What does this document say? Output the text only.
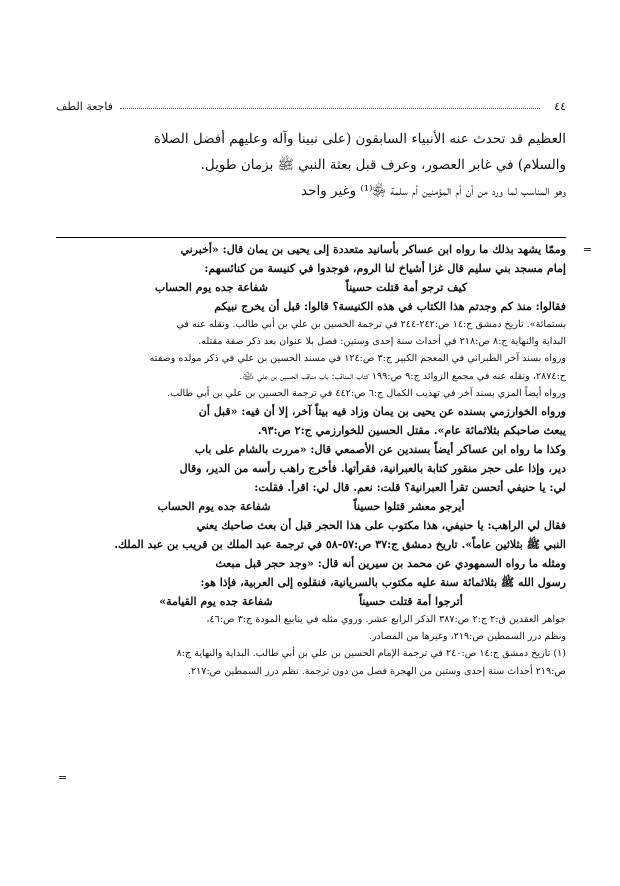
٤٤
فاجعة الطف
العظيم قد تحدث عنه الأنبياء السابقون (على نبينا وآله وعليهم أفضل الصلاة
والسلام) في غابر العصور، وعرف قبل بعثة النبي ﷺ بزمان طويل.
وهو المناسب لما ورد من أن أم المؤمنين أم سلمة ﵂⁽¹⁾ وغير واحد
=
=

وممّا يشهد بذلك ما رواه ابن عساكر بأسانيد متعددة إلى يحيى بن يمان قال: «أخبرني

إمام مسجد بني سليم قال غزا أشياخ لنا الروم، فوجدوا في كنيسة من كنائسهم:

كيف ترجو أمة قتلت حسيناً
شفاعة جده يوم الحساب

فقالوا: منذ كم وجدتم هذا الكتاب في هذه الكنيسة؟ قالوا: قبل أن يخرج نبيكم

بستمائة». تاريخ دمشق ج:١٤ ص:٢٤٢-٢٤٤ في ترجمة الحسين بن علي بن أبي طالب. ونقله عنه في

البداية والنهاية ج:٨ ص:٢١٨ في أحداث سنة إحدى وستين: فصل بلا عنوان بعد ذكر صفة مقتله.

ورواه بسند آخر الطبراني في المعجم الكبير ج:٣ ص:١٢٤ في مسند الحسين بن علي في ذكر مولده وصفته

ح:٢٨٧٤، ونقله عنه في مجمع الزوائد ج:٩ ص:١٩٩ كتاب المناقب: باب مناقب الحسين بن علي ﵉.

ورواه أيضاً المزي بسند آخر في تهذيب الكمال ج:٦ ص:٤٤٢ في ترجمة الحسين بن علي بن أبي طالب.

ورواه الخوارزمي بسنده عن يحيى بن يمان وزاد فيه بيتاً آخر، إلا أن فيه: «قبل أن

يبعث صاحبكم بثلاثمائة عام». مقتل الحسين للخوارزمي ج:٢ ص:٩٣.

وكذا ما رواه ابن عساكر أيضاً بسندين عن الأصمعي قال: «مررت بالشام على باب

دير، وإذا على حجر منقور كتابة بالعبرانية، فقرأتها. فأخرج راهب رأسه من الدير، وقال

لي: يا حنيفي أتحسن تقرأ العبرانية؟ قلت: نعم. قال لي: اقرأ. فقلت:

أيرجو معشر قتلوا حسيناً
شفاعة جده يوم الحساب

فقال لي الراهب: يا حنيفي، هذا مكتوب على هذا الحجر قبل أن بعث صاحبك يعني

النبي ﷺ بثلاثين عاماً». تاريخ دمشق ج:٣٧ ص:٥٧-٥٨ في ترجمة عبد الملك بن قريب بن عبد الملك.

ومثله ما رواه السمهودي عن محمد بن سيرين أنه قال: «وجد حجر قبل مبعث

رسول الله ﷺ بثلاثمائة سنة عليه مكتوب بالسريانية، فنقلوه إلى العربية، فإذا هو:

أترجوا أمة قتلت حسيناً
شفاعة جده يوم القيامة»

جواهر العقدين ق:٢ ج:٢ ص:٣٨٧ الذكر الرابع عشر. وروي مثله في ينابيع المودة ج:٣ ص:٤٦،

ونظم درر السمطين ص:٢١٩، وغيرها من المصادر.

(١) تاريخ دمشق ج:١٤ ص:٢٤٠ في ترجمة الإمام الحسين بن علي بن أبي طالب. البداية والنهاية ج:٨

ص:٢١٩ أحداث سنة إحدى وستين من الهجرة فصل من دون ترجمة. نظم درر السمطين ص:٢١٧.
